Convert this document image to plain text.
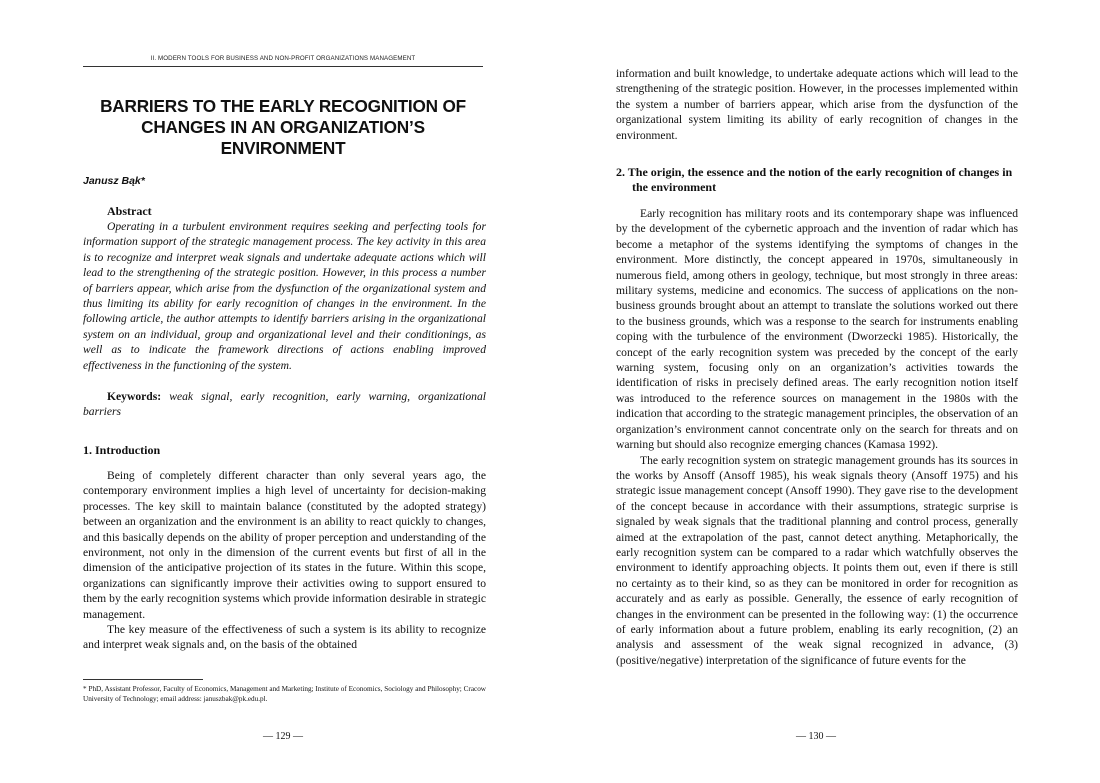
II. MODERN TOOLS FOR BUSINESS AND NON-PROFIT ORGANIZATIONS MANAGEMENT
BARRIERS TO THE EARLY RECOGNITION OF CHANGES IN AN ORGANIZATION’S ENVIRONMENT
Janusz Bąk*
Abstract

Operating in a turbulent environment requires seeking and perfecting tools for information support of the strategic management process. The key activity in this area is to recognize and interpret weak signals and undertake adequate actions which will lead to the strengthening of the strategic position. However, in this process a number of barriers appear, which arise from the dysfunction of the organizational system and thus limiting its ability for early recognition of changes in the environment. In the following article, the author attempts to identify barriers arising in the organizational system on an individual, group and organizational level and their conditionings, as well as to indicate the framework directions of actions enabling improved effectiveness in the functioning of the system.

Keywords: weak signal, early recognition, early warning, organizational barriers

1. Introduction

Being of completely different character than only several years ago, the contemporary environment implies a high level of uncertainty for decision-making processes. The key skill to maintain balance (constituted by the adopted strategy) between an organization and the environment is an ability to react quickly to changes, and this basically depends on the ability of proper perception and understanding of the environment, not only in the dimension of the current events but first of all in the dimension of the anticipative projection of its states in the future. Within this scope, organizations can significantly improve their activities owing to support ensured to them by the early recognition systems which provide information desirable in strategic management.

The key measure of the effectiveness of such a system is its ability to recognize and interpret weak signals and, on the basis of the obtained

* PhD, Assistant Professor, Faculty of Economics, Management and Marketing; Institute of Economics, Sociology and Philosophy; Cracow University of Technology; email address: januszbak@pk.edu.pl.

— 129 —

information and built knowledge, to undertake adequate actions which will lead to the strengthening of the strategic position. However, in the processes implemented within the system a number of barriers appear, which arise from the dysfunction of the organizational system limiting its ability of early recognition of changes in the environment.

2. The origin, the essence and the notion of the early recognition of changes in the environment

Early recognition has military roots and its contemporary shape was influenced by the development of the cybernetic approach and the invention of radar which has become a metaphor of the systems identifying the symptoms of changes in the environment. More distinctly, the concept appeared in 1970s, simultaneously in numerous field, among others in geology, technique, but most strongly in three areas: military systems, medicine and economics. The success of applications on the non-business grounds brought about an attempt to translate the solutions worked out there to the business grounds, which was a response to the search for instruments enabling coping with the turbulence of the environment (Dworzecki 1985). Historically, the concept of the early recognition system was preceded by the concept of the early warning system, focusing only on an organization’s activities towards the identification of risks in precisely defined areas. The early recognition notion itself was introduced to the reference sources on management in the 1980s with the indication that according to the strategic management principles, the observation of an organization’s environment cannot concentrate only on the search for threats and on warning but should also recognize emerging chances (Kamasa 1992).

The early recognition system on strategic management grounds has its sources in the works by Ansoff (Ansoff 1985), his weak signals theory (Ansoff 1975) and his strategic issue management concept (Ansoff 1990). They gave rise to the development of the concept because in accordance with their assumptions, strategic surprise is signaled by weak signals that the traditional planning and control process, generally aimed at the extrapolation of the past, cannot detect anything. Metaphorically, the early recognition system can be compared to a radar which watchfully observes the environment to identify approaching objects. It points them out, even if there is still no certainty as to their kind, so as they can be monitored in order for recognition as accurately and as early as possible. Generally, the essence of early recognition of changes in the environment can be presented in the following way: (1) the occurrence of early information about a future problem, enabling its early recognition, (2) an analysis and assessment of the weak signal recognized in advance, (3) (positive/negative) interpretation of the significance of future events for the

— 130 —
